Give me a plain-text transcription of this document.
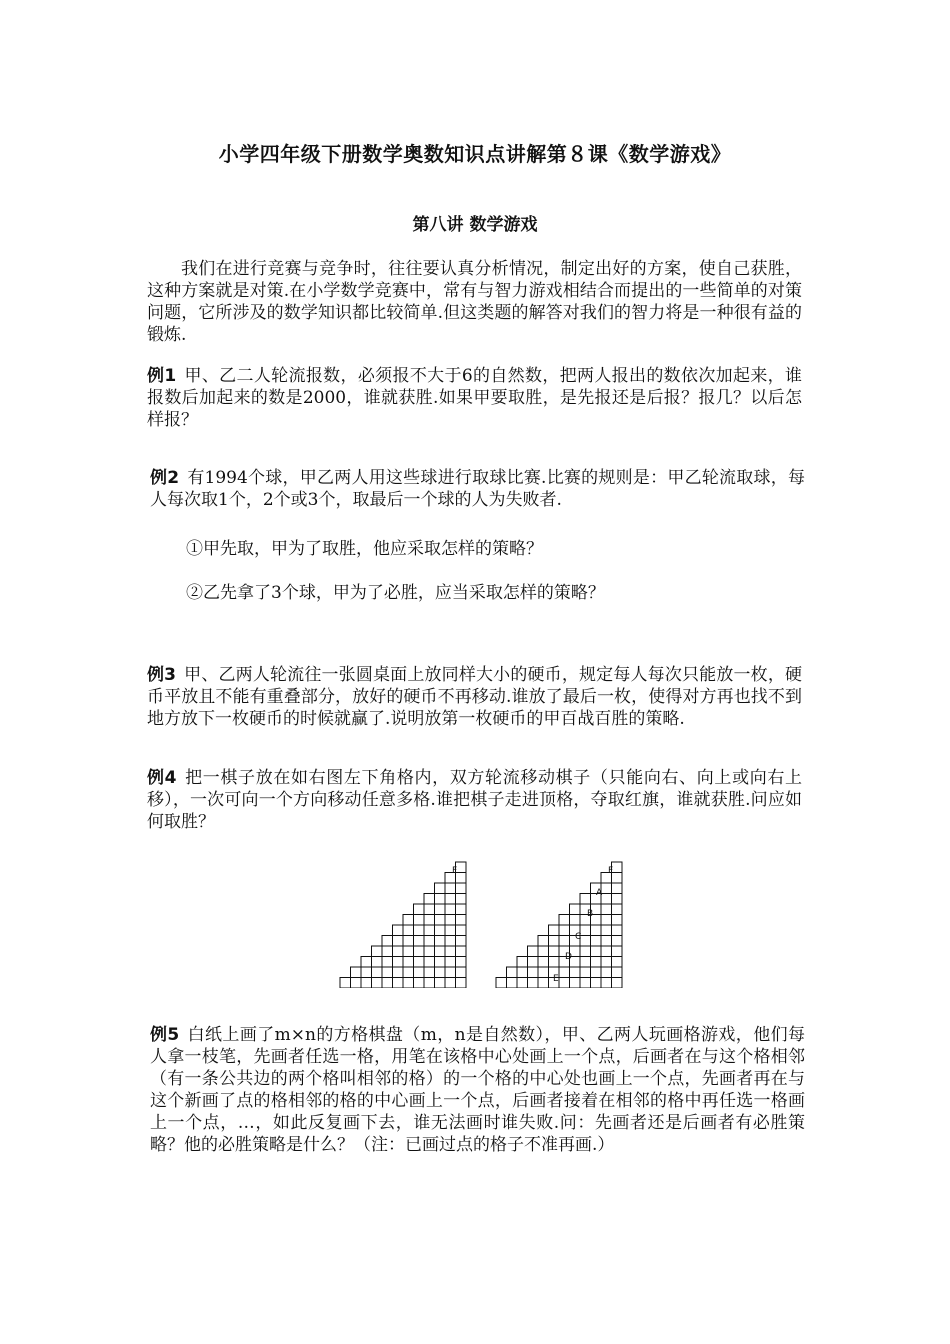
小学四年级下册数学奥数知识点讲解第８课《数学游戏》
第八讲 数学游戏
我们在进行竞赛与竞争时，往往要认真分析情况，制定出好的方案，使自己获胜，这种方案就是对策.在小学数学竞赛中，常有与智力游戏相结合而提出的一些简单的对策问题，它所涉及的数学知识都比较简单.但这类题的解答对我们的智力将是一种很有益的锻炼.
例1 甲、乙二人轮流报数，必须报不大于6的自然数，把两人报出的数依次加起来，谁报数后加起来的数是2000，谁就获胜.如果甲要取胜，是先报还是后报？报几？以后怎样报？
例2 有1994个球，甲乙两人用这些球进行取球比赛.比赛的规则是：甲乙轮流取球，每人每次取1个，2个或3个，取最后一个球的人为失败者.
①甲先取，甲为了取胜，他应采取怎样的策略？
②乙先拿了3个球，甲为了必胜，应当采取怎样的策略？
例3 甲、乙两人轮流往一张圆桌面上放同样大小的硬币，规定每人每次只能放一枚，硬币平放且不能有重叠部分，放好的硬币不再移动.谁放了最后一枚，使得对方再也找不到地方放下一枚硬币的时候就赢了.说明放第一枚硬币的甲百战百胜的策略.
例4 把一棋子放在如右图左下角格内，双方轮流移动棋子（只能向右、向上或向右上移），一次可向一个方向移动任意多格.谁把棋子走进顶格，夺取红旗，谁就获胜.问应如何取胜？
F	F
A
B
C
D
E
例5 白纸上画了m×n的方格棋盘（m，n是自然数），甲、乙两人玩画格游戏，他们每人拿一枝笔，先画者任选一格，用笔在该格中心处画上一个点，后画者在与这个格相邻（有一条公共边的两个格叫相邻的格）的一个格的中心处也画上一个点，先画者再在与这个新画了点的格相邻的格的中心画上一个点，后画者接着在相邻的格中再任选一格画上一个点，…，如此反复画下去，谁无法画时谁失败.问：先画者还是后画者有必胜策略？他的必胜策略是什么？（注：已画过点的格子不准再画.）
